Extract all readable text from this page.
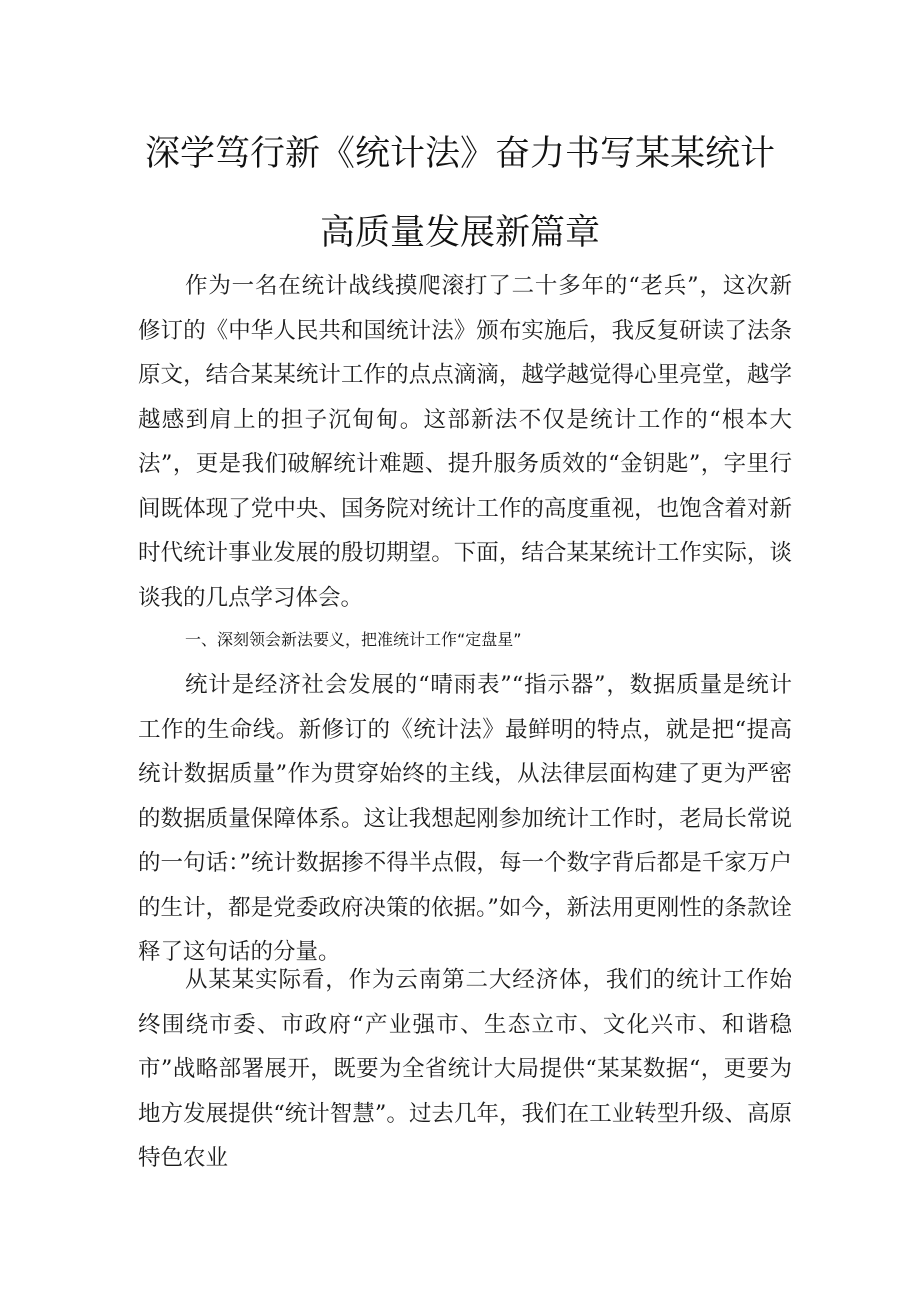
深学笃行新《统计法》奋力书写某某统计
高质量发展新篇章

作为一名在统计战线摸爬滚打了二十多年的“老兵”，这次新修订的《中华人民共和国统计法》颁布实施后，我反复研读了法条原文，结合某某统计工作的点点滴滴，越学越觉得心里亮堂，越学越感到肩上的担子沉甸甸。这部新法不仅是统计工作的“根本大法”，更是我们破解统计难题、提升服务质效的“金钥匙”，字里行间既体现了党中央、国务院对统计工作的高度重视，也饱含着对新时代统计事业发展的殷切期望。下面，结合某某统计工作实际，谈谈我的几点学习体会。

一、深刻领会新法要义，把准统计工作“定盘星”

统计是经济社会发展的“晴雨表”“指示器”，数据质量是统计工作的生命线。新修订的《统计法》最鲜明的特点，就是把“提高统计数据质量”作为贯穿始终的主线，从法律层面构建了更为严密的数据质量保障体系。这让我想起刚参加统计工作时，老局长常说的一句话：”统计数据掺不得半点假，每一个数字背后都是千家万户的生计，都是党委政府决策的依据。”如今，新法用更刚性的条款诠释了这句话的分量。

从某某实际看，作为云南第二大经济体，我们的统计工作始终围绕市委、市政府“产业强市、生态立市、文化兴市、和谐稳市”战略部署展开，既要为全省统计大局提供“某某数据“，更要为地方发展提供“统计智慧”。过去几年，我们在工业转型升级、高原特色农业
